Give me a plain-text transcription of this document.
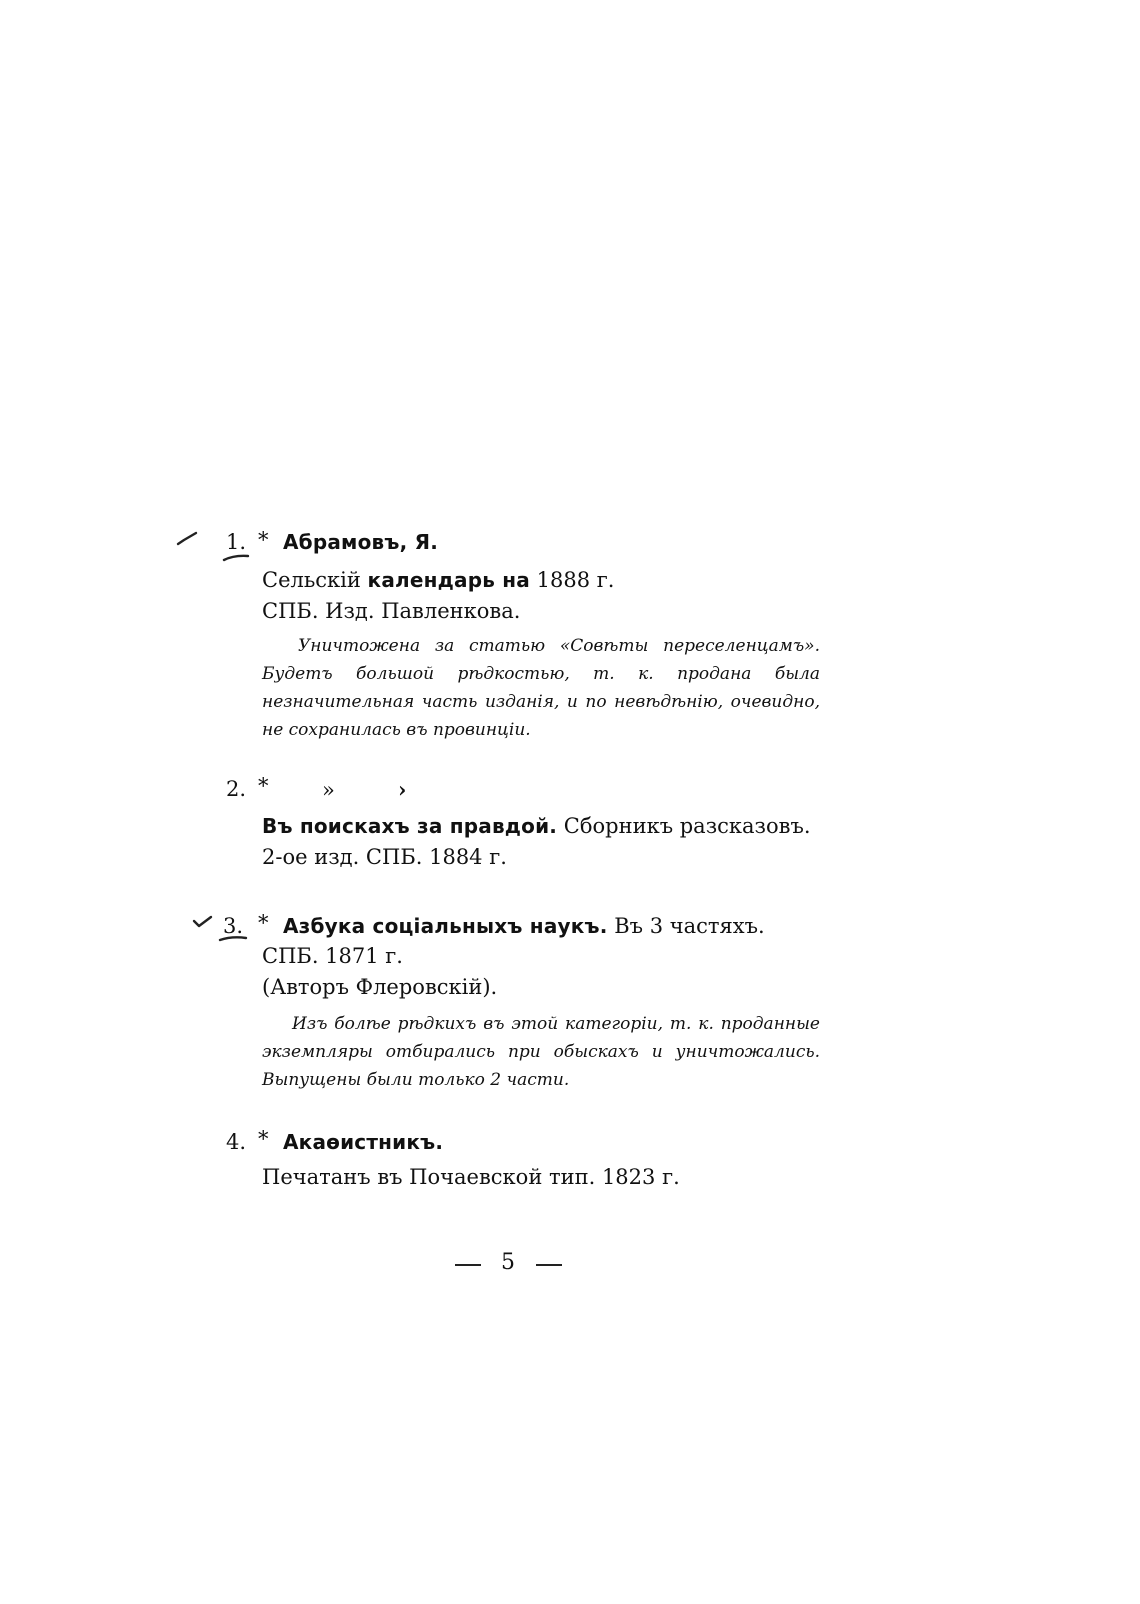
1. * Абрамовъ, Я.
Сельскій календарь на 1888 г.
СПБ. Изд. Павленкова.
Уничтожена за статью «Совѣты переселенцамъ». Будетъ большой рѣдкостью, т. к. продана была незначительная часть изданія, и по невѣдѣнію, очевидно, не сохранилась въ провинціи.
2. *	»	›
Въ поискахъ за правдой. Сборникъ разсказовъ.
2-ое изд. СПБ. 1884 г.
3. * Азбука соціальныхъ наукъ. Въ 3 частяхъ.
СПБ. 1871 г.
(Авторъ Флеровскій).
Изъ болѣе рѣдкихъ въ этой категоріи, т. к. проданные экземпляры отбирались при обыскахъ и уничтожались. Выпущены были только 2 части.
4. * Акаѳистникъ.
Печатанъ въ Почаевской тип. 1823 г.
5
